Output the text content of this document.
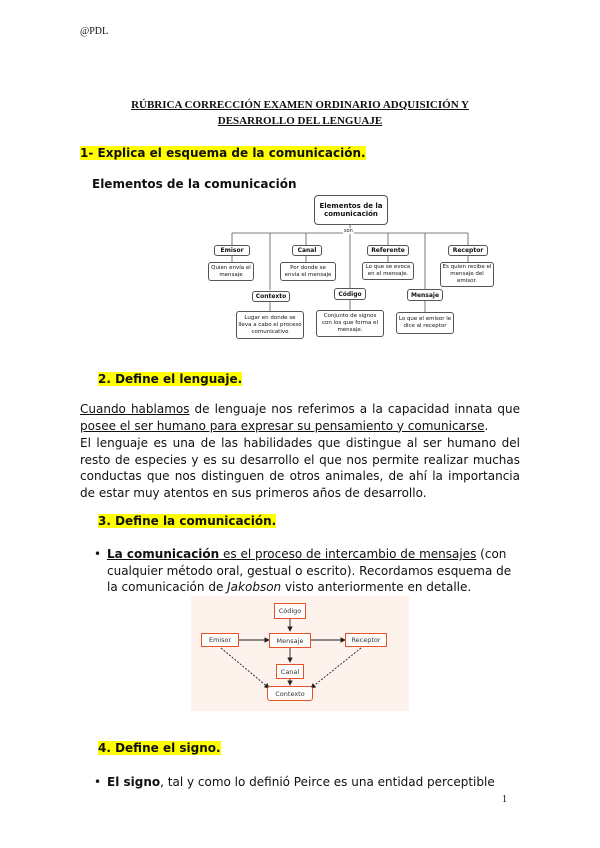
@PDL
RÚBRICA CORRECCIÓN EXAMEN ORDINARIO ADQUISICIÓN Y
DESARROLLO DEL LENGUAJE
1- Explica el esquema de la comunicación.
Elementos de la comunicación
Elementos de la comunicación
son
Emisor
Quien envía el mensaje
Canal
Por donde se envía el mensaje
Referente
Lo que se evoca en el mensaje.
Receptor
Es quien recibe el mensaje del emisor.
Contexto
Lugar en donde se lleva a cabo el proceso comunicativo
Código
Conjunto de signos con los que forma el mensaje.
Mensaje
Lo que el emisor le dice al receptor
2. Define el lenguaje.
Cuando hablamos de lenguaje nos referimos a la capacidad innata que posee el ser humano para expresar su pensamiento y comunicarse.
El lenguaje es una de las habilidades que distingue al ser humano del resto de especies y es su desarrollo el que nos permite realizar muchas conductas que nos distinguen de otros animales, de ahí la importancia de estar muy atentos en sus primeros años de desarrollo.
3. Define la comunicación.
• La comunicación es el proceso de intercambio de mensajes (con
cualquier método oral, gestual o escrito). Recordamos esquema de
la comunicación de Jakobson visto anteriormente en detalle.
Código
Emisor	Mensaje	Receptor
Canal
Contexto
4. Define el signo.
• El signo, tal y como lo definió Peirce es una entidad perceptible
1
